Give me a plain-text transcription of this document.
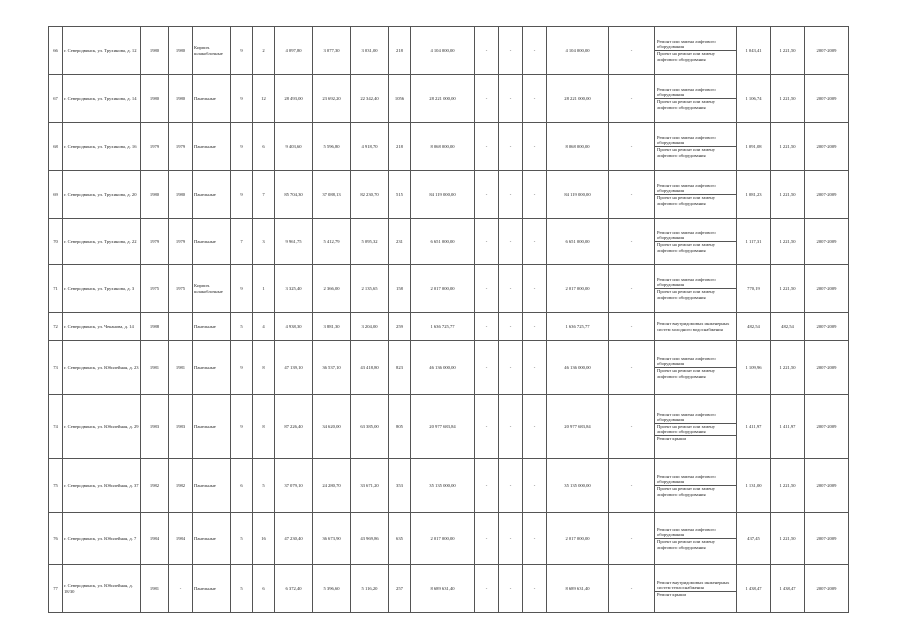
66	г. Северодвинск, ул. Трухинова, д. 12	1980	1980	Кирпич. шлакоблочные	9	2	4 097,80	3 077,30	3 031,00	218	4 104 000,00	-	-	-	4 104 000,00	-	Ремонт или замена лифтового оборудования
Проект на ремонт или замену лифтового оборудования	1 043,41	1 221,50	2007-2009
67	г. Северодвинск, ул. Трухинова, д. 14	1980	1980	Панельные	9	12	28 493,00	23 692,20	22 342,40	1056	28 221 000,00	-	-	-	28 221 000,00	-	Ремонт или замена лифтового оборудования
Проект на ремонт или замену лифтового оборудования	1 106,74	1 221,50	2007-2009
68	г. Северодвинск, ул. Трухинова, д. 16	1979	1979	Панельные	9	6	9 403,60	5 596,80	4 918,70	218	8 068 000,00	-	-	-	8 068 000,00	-	Ремонт или замена лифтового оборудования
Проект на ремонт или замену лифтового оборудования	1 091,08	1 221,50	2007-2009
69	г. Северодвинск, ул. Трухинова, д. 20	1980	1980	Панельные	9	7	85 704,30	37 088,13	82 230,70	515	84 119 000,00	-	-	-	84 119 000,00	-	Ремонт или замена лифтового оборудования
Проект на ремонт или замену лифтового оборудования	1 081,23	1 221,50	2007-2009
70	г. Северодвинск, ул. Трухинова, д. 22	1979	1979	Панельные	7	3	9 961,75	5 412,79	5 095,32	231	6 651 000,00	-	-	-	6 651 000,00	-	Ремонт или замена лифтового оборудования
Проект на ремонт или замену лифтового оборудования	1 117,31	1 221,50	2007-2009
71	г. Северодвинск, ул. Трухинова, д. 3	1975	1975	Кирпич. шлакоблочные	9	1	3 325,40	2 366,00	2 135,65	158	2 017 000,00	-	-	-	2 017 000,00	-	Ремонт или замена лифтового оборудования
Проект на ремонт или замену лифтового оборудования	770,19	1 221,50	2007-2009
72	г. Северодвинск, ул. Чеканова, д. 14	1988		Панельные	5	4	4 938,30	3 881,30	3 204,00	259	1 636 725,77	-	-	-	1 636 725,77	-	Ремонт внутридомовых инженерных систем холодного водоснабжения	482,54	482,54	2007-2009
73	г. Северодвинск, ул. Юбилейная, д. 23	1981	1981	Панельные	9	8	47 139,10	36 537,10	43 418,80	823	46 136 000,00	-	-	-	46 136 000,00	-	Ремонт или замена лифтового оборудования
Проект на ремонт или замену лифтового оборудования	1 109,96	1 221,50	2007-2009
74	г. Северодвинск, ул. Юбилейная, д. 29	1983	1983	Панельные	9	8	87 226,40	34 620,00	63 385,00	805	20 977 683,84	-	-	-	20 977 683,84	-	Ремонт или замена лифтового оборудования
Проект на ремонт или замену лифтового оборудования
Ремонт крыши	1 411,97	1 411,97	2007-2009
75	г. Северодвинск, ул. Юбилейная, д. 37	1982	1982	Панельные	6	5	37 079,10	24 280,70	33 671,20	353	35 135 000,00	-	-	-	35 135 000,00	-	Ремонт или замена лифтового оборудования
Проект на ремонт или замену лифтового оборудования	1 131,00	1 221,50	2007-2009
76	г. Северодвинск, ул. Юбилейная, д. 7	1984	1984	Панельные	5	16	47 230,40	36 673,90	43 969,86	635	2 017 000,00	-	-	-	2 017 000,00	-	Ремонт или замена лифтового оборудования
Проект на ремонт или замену лифтового оборудования	437,45	1 221,50	2007-2009
77	г. Северодвинск, ул. Юбилейная, д. 18/30	1981	-	Панельные	5	6	6 372,40	5 396,60	5 116,20	257	8 689 631,40	-	-	-	8 689 631,40	-	Ремонт внутридомовых инженерных систем теплоснабжения
Ремонт крыши	1 438,47	1 438,47	2007-2009
